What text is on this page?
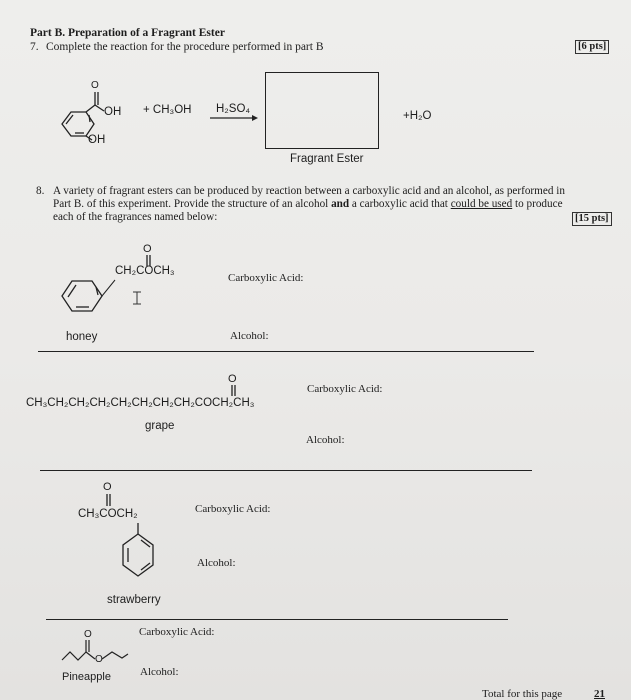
Part B. Preparation of a Fragrant Ester
7. Complete the reaction for the procedure performed in part B	[6 pts]
O
OH
OH
+ CH₃OH H₂SO₄
Fragrant Ester
+H₂O
8. A variety of fragrant esters can be produced by reaction between a carboxylic acid and an alcohol, as performed in
Part B. of this experiment. Provide the structure of an alcohol and a carboxylic acid that could be used to produce
each of the fragrances named below:	[15 pts]
O
CH₂COCH₃
Carboxylic Acid:
honey	Alcohol:
O
CH₃CH₂CH₂CH₂CH₂CH₂CH₂CH₂COCH₂CH₃
Carboxylic Acid:
grape
Alcohol:
O
CH₃COCH₂	Carboxylic Acid:
Alcohol:
strawberry
O
O
Carboxylic Acid:
Alcohol:
Pineapple
Total for this page	21
